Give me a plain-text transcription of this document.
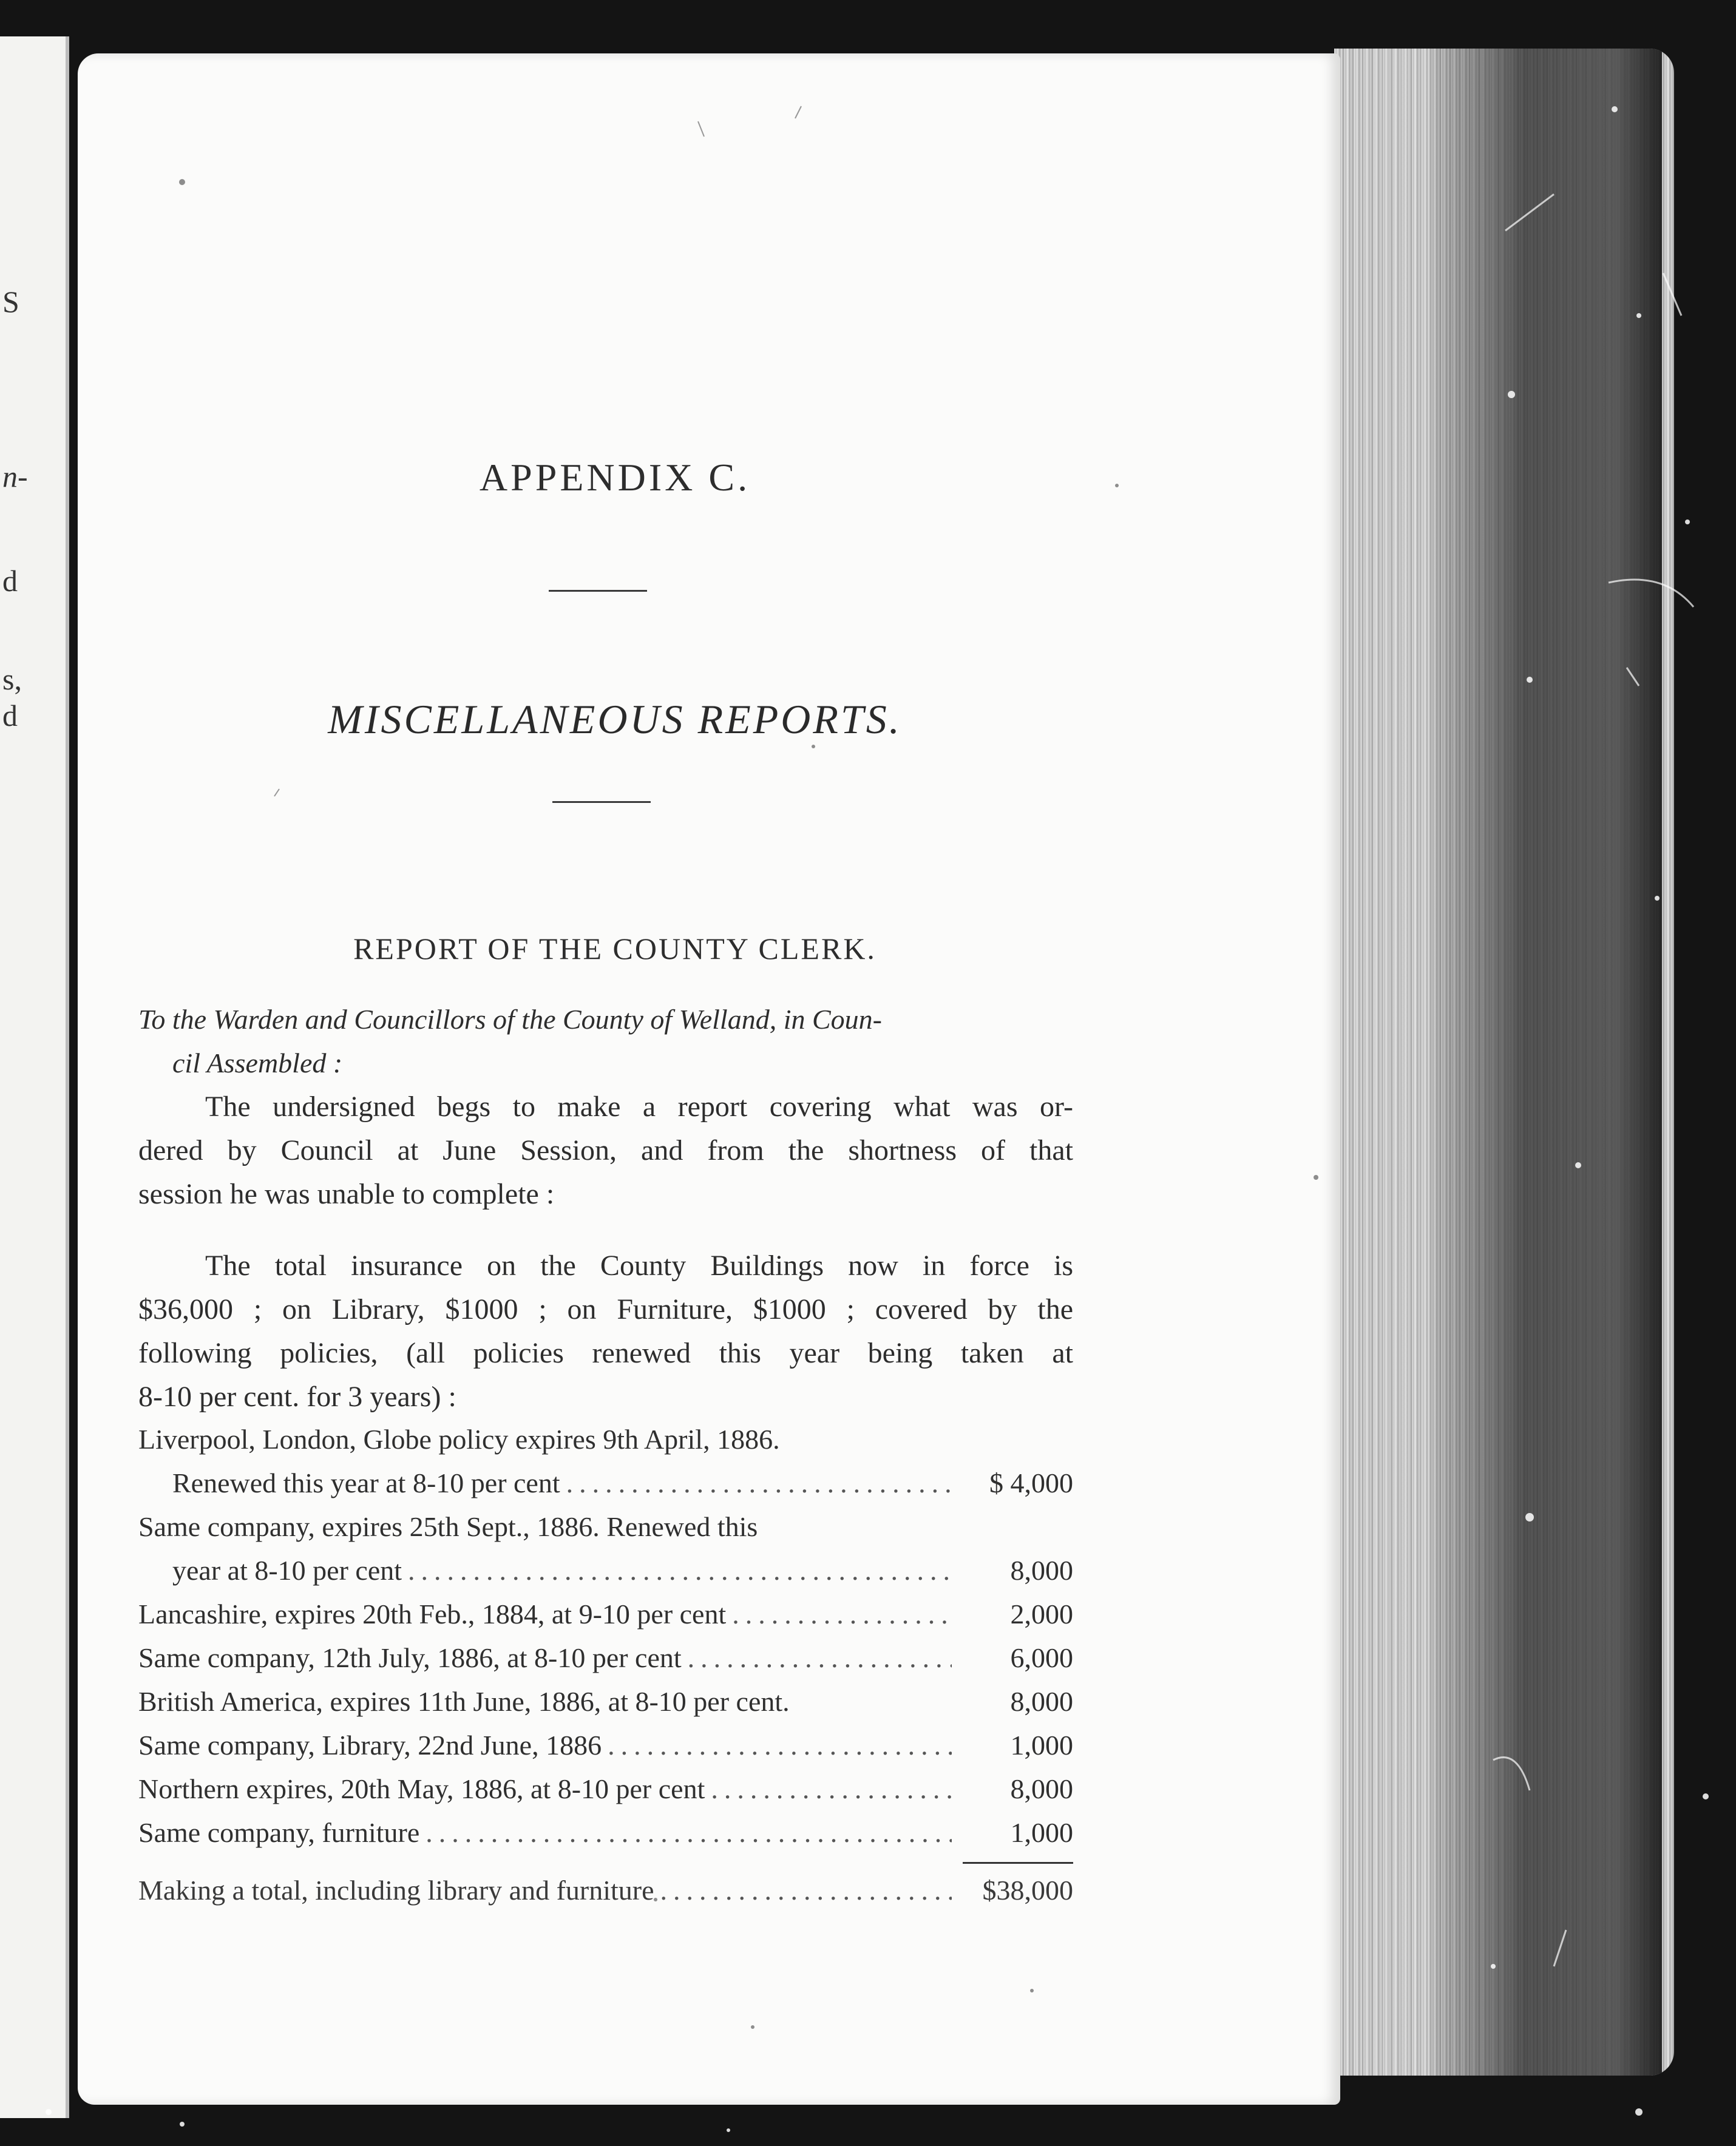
S
n-
d
s,
d
APPENDIX C.
MISCELLANEOUS REPORTS.
REPORT OF THE COUNTY CLERK.
To the Warden and Councillors of the County of Welland, in Coun-
cil Assembled :
The undersigned begs to make a report covering what was or-
dered by Council at June Session, and from the shortness of that
session he was unable to complete :
The total insurance on the County Buildings now in force is
$36,000 ; on Library, $1000 ; on Furniture, $1000 ; covered by the
following policies, (all policies renewed this year being taken at
8-10 per cent. for 3 years) :
Liverpool, London, Globe policy expires 9th April, 1886.
Renewed this year at 8-10 per cent .....	$ 4,000
Same company, expires 25th Sept., 1886. Renewed this
year at 8-10 per cent .....	8,000
Lancashire, expires 20th Feb., 1884, at 9-10 per cent .....	2,000
Same company, 12th July, 1886, at 8-10 per cent .....	6,000
British America, expires 11th June, 1886, at 8-10 per cent.	8,000
Same company, Library, 22nd June, 1886 .....	1,000
Northern expires, 20th May, 1886, at 8-10 per cent .....	8,000
Same company, furniture .....	1,000
Making a total, including library and furniture .....	$38,000
